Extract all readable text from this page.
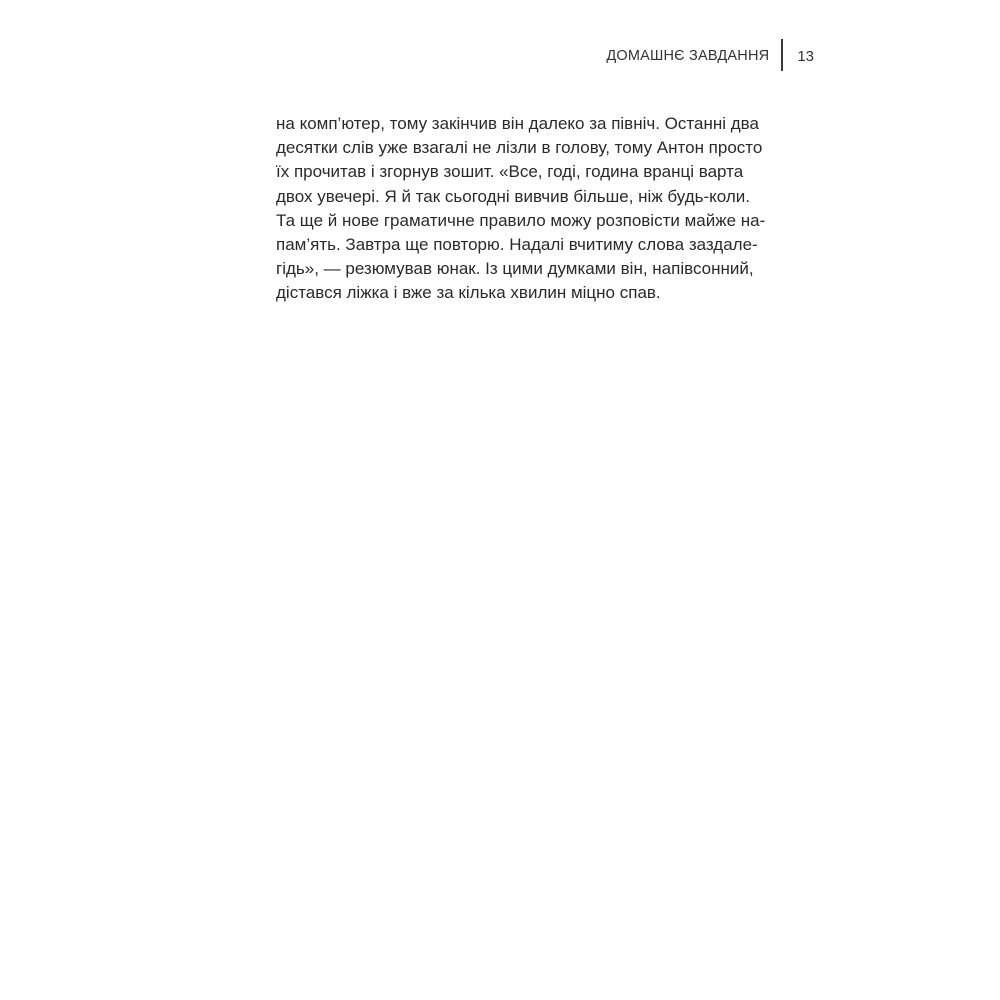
ДОМАШНЄ ЗАВДАННЯ	13
на комп’ютер, тому закінчив він далеко за північ. Останні два
десятки слів уже взагалі не лізли в голову, тому Антон просто
їх прочитав і згорнув зошит. «Все, годі, година вранці варта
двох увечері. Я й так сьогодні вивчив більше, ніж будь-коли.
Та ще й нове граматичне правило можу розповісти майже на-
пам’ять. Завтра ще повторю. Надалі вчитиму слова заздале-
гідь», — резюмував юнак. Із цими думками він, напівсонний,
дістався ліжка і вже за кілька хвилин міцно спав.
